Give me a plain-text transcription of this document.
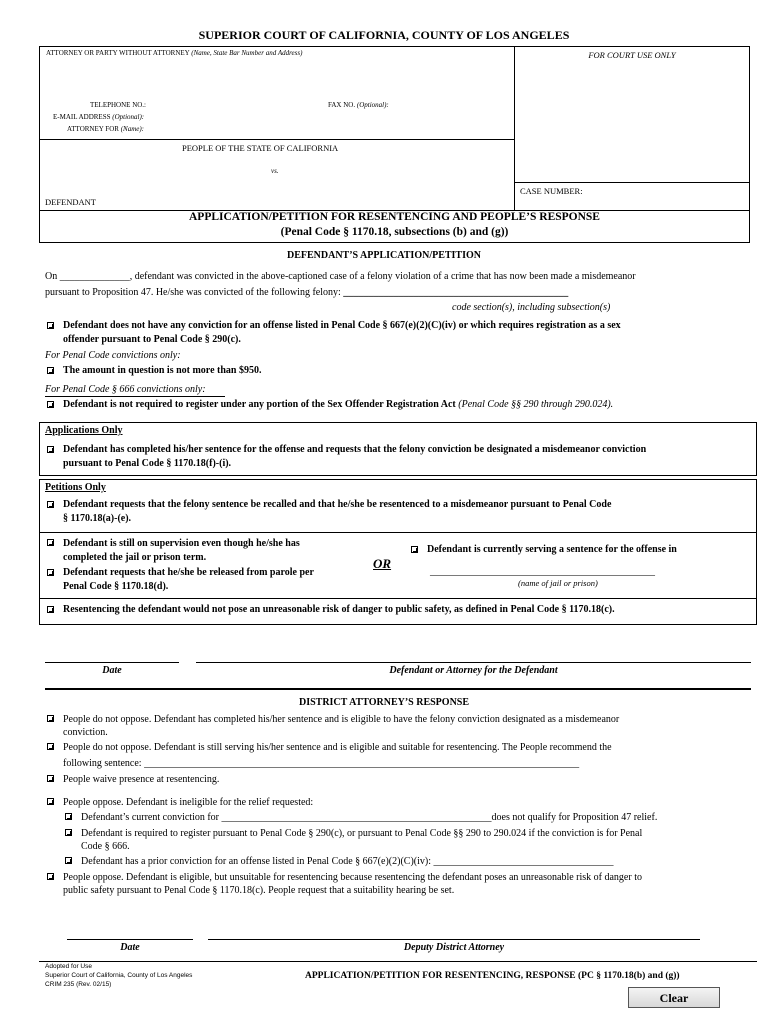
SUPERIOR COURT OF CALIFORNIA, COUNTY OF LOS ANGELES
ATTORNEY OR PARTY WITHOUT ATTORNEY (Name, State Bar Number and Address)
TELEPHONE NO.:	FAX NO. (Optional):
E-MAIL ADDRESS (Optional):
ATTORNEY FOR (Name):
FOR COURT USE ONLY
PEOPLE OF THE STATE OF CALIFORNIA
vs.
DEFENDANT
CASE NUMBER:
APPLICATION/PETITION FOR RESENTENCING AND PEOPLE’S RESPONSE
(Penal Code § 1170.18, subsections (b) and (g))
DEFENDANT’S APPLICATION/PETITION
On ______________, defendant was convicted in the above-captioned case of a felony violation of a crime that has now been made a misdemeanor
pursuant to Proposition 47. He/she was convicted of the following felony: _____________________________________________
code section(s), including subsection(s)
Defendant does not have any conviction for an offense listed in Penal Code § 667(e)(2)(C)(iv) or which requires registration as a sex
offender pursuant to Penal Code § 290(c).
For Penal Code convictions only:
The amount in question is not more than $950.
For Penal Code § 666 convictions only:
Defendant is not required to register under any portion of the Sex Offender Registration Act (Penal Code §§ 290 through 290.024).
Applications Only
Defendant has completed his/her sentence for the offense and requests that the felony conviction be designated a misdemeanor conviction
pursuant to Penal Code § 1170.18(f)-(i).
Petitions Only
Defendant requests that the felony sentence be recalled and that he/she be resentenced to a misdemeanor pursuant to Penal Code
§ 1170.18(a)-(e).
Defendant is still on supervision even though he/she has
completed the jail or prison term.
Defendant requests that he/she be released from parole per
Penal Code § 1170.18(d).
OR
Defendant is currently serving a sentence for the offense in
_____________________________________________
(name of jail or prison)
Resentencing the defendant would not pose an unreasonable risk of danger to public safety, as defined in Penal Code § 1170.18(c).
Date	Defendant or Attorney for the Defendant
DISTRICT ATTORNEY’S RESPONSE
People do not oppose. Defendant has completed his/her sentence and is eligible to have the felony conviction designated as a misdemeanor
conviction.
People do not oppose. Defendant is still serving his/her sentence and is eligible and suitable for resentencing. The People recommend the
following sentence: _______________________________________________________________________________________
People waive presence at resentencing.
People oppose. Defendant is ineligible for the relief requested:
Defendant’s current conviction for ______________________________________________________does not qualify for Proposition 47 relief.
Defendant is required to register pursuant to Penal Code § 290(c), or pursuant to Penal Code §§ 290 to 290.024 if the conviction is for Penal
Code § 666.
Defendant has a prior conviction for an offense listed in Penal Code § 667(e)(2)(C)(iv): ____________________________________
People oppose. Defendant is eligible, but unsuitable for resentencing because resentencing the defendant poses an unreasonable risk of danger to
public safety pursuant to Penal Code § 1170.18(c). People request that a suitability hearing be set.
Date	Deputy District Attorney
Adopted for Use
Superior Court of California, County of Los Angeles
CRIM 235 (Rev. 02/15)
APPLICATION/PETITION FOR RESENTENCING, RESPONSE (PC § 1170.18(b) and (g))
Clear
